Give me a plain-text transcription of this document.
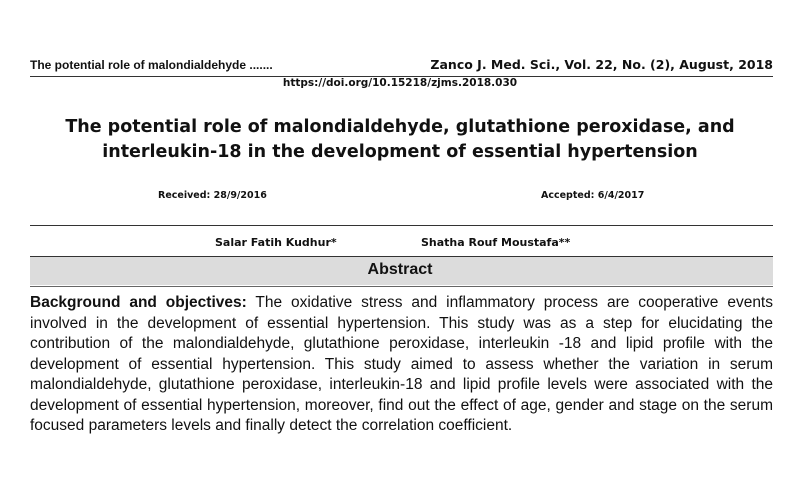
The potential role of malondialdehyde .......	Zanco J. Med. Sci., Vol. 22, No. (2), August, 2018
https://doi.org/10.15218/zjms.2018.030
The potential role of malondialdehyde, glutathione peroxidase, and interleukin-18 in the development of essential hypertension
Received: 28/9/2016	Accepted: 6/4/2017
Salar Fatih Kudhur*	Shatha Rouf Moustafa**
Abstract
Background and objectives: The oxidative stress and inflammatory process are cooperative events involved in the development of essential hypertension. This study was as a step for elucidating the contribution of the malondialdehyde, glutathione peroxidase, interleukin -18 and lipid profile with the development of essential hypertension. This study aimed to assess whether the variation in serum malondialdehyde, glutathione peroxidase, interleukin-18 and lipid profile levels were associated with the development of essential hypertension, moreover, find out the effect of age, gender and stage on the serum focused parameters levels and finally detect the correlation coefficient.
